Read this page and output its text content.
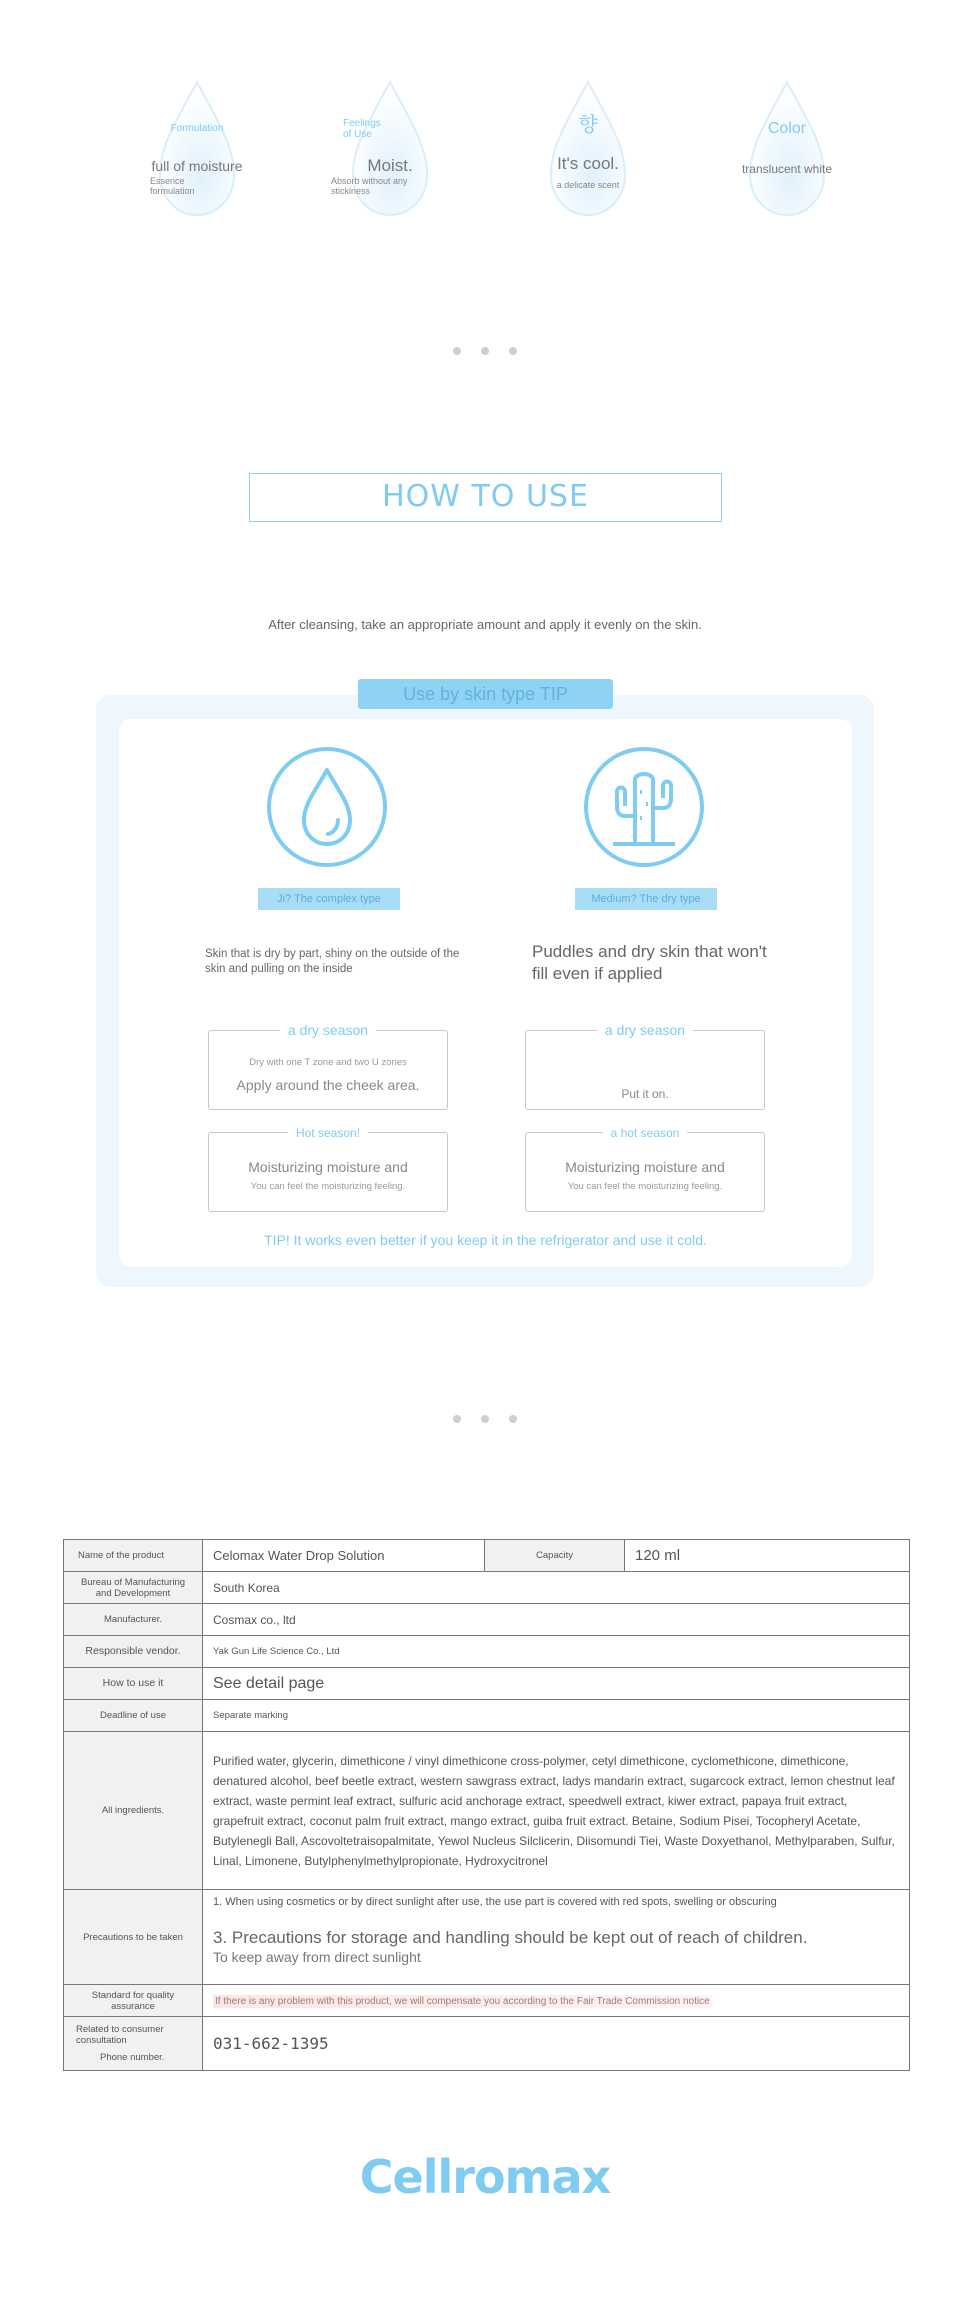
Formulation
full of moisture
Essence formulation
Feelings of Use
Moist.
Absorb without any stickiness
향
It's cool.
a delicate scent
Color
translucent white
HOW TO USE
After cleansing, take an appropriate amount and apply it evenly on the skin.
Use by skin type TIP
Ji? The complex type	Medium? The dry type
Skin that is dry by part, shiny on the outside of the skin and pulling on the inside
Puddles and dry skin that won't fill even if applied
a dry season
Dry with one T zone and two U zones
Apply around the cheek area.
a dry season
Put it on.
Hot season!
Moisturizing moisture and
You can feel the moisturizing feeling.
a hot season
Moisturizing moisture and
You can feel the moisturizing feeling.
TIP! It works even better if you keep it in the refrigerator and use it cold.
Name of the product	Celomax Water Drop Solution	Capacity	120 ml
Bureau of Manufacturing and Development	South Korea		
Manufacturer.	Cosmax co., ltd		
Responsible vendor.	Yak Gun Life Science Co., Ltd		
How to use it	See detail page		
Deadline of use	Separate marking		
All ingredients.	Purified water, glycerin, dimethicone / vinyl dimethicone cross-polymer, cetyl dimethicone, cyclomethicone, dimethicone, denatured alcohol, beef beetle extract, western sawgrass extract, ladys mandarin extract, sugarcock extract, lemon chestnut leaf extract, waste permint leaf extract, sulfuric acid anchorage extract, speedwell extract, kiwer extract, papaya fruit extract, grapefruit extract, coconut palm fruit extract, mango extract, guiba fruit extract. Betaine, Sodium Pisei, Tocopheryl Acetate, Butylenegli Ball, Ascovoltetraisopalmitate, Yewol Nucleus Silclicerin, Diisomundi Tiei, Waste Doxyethanol, Methylparaben, Sulfur, Linal, Limonene, Butylphenylmethylpropionate, Hydroxycitronel		
Precautions to be taken	1. When using cosmetics or by direct sunlight after use, the use part is covered with red spots, swelling or obscuring
3. Precautions for storage and handling should be kept out of reach of children.
To keep away from direct sunlight		

Standard for quality assurance	If there is any problem with this product, we will compensate you according to the Fair Trade Commission notice		

Related to consumer consultation
Phone number.	031-662-1395		
Cellromax
